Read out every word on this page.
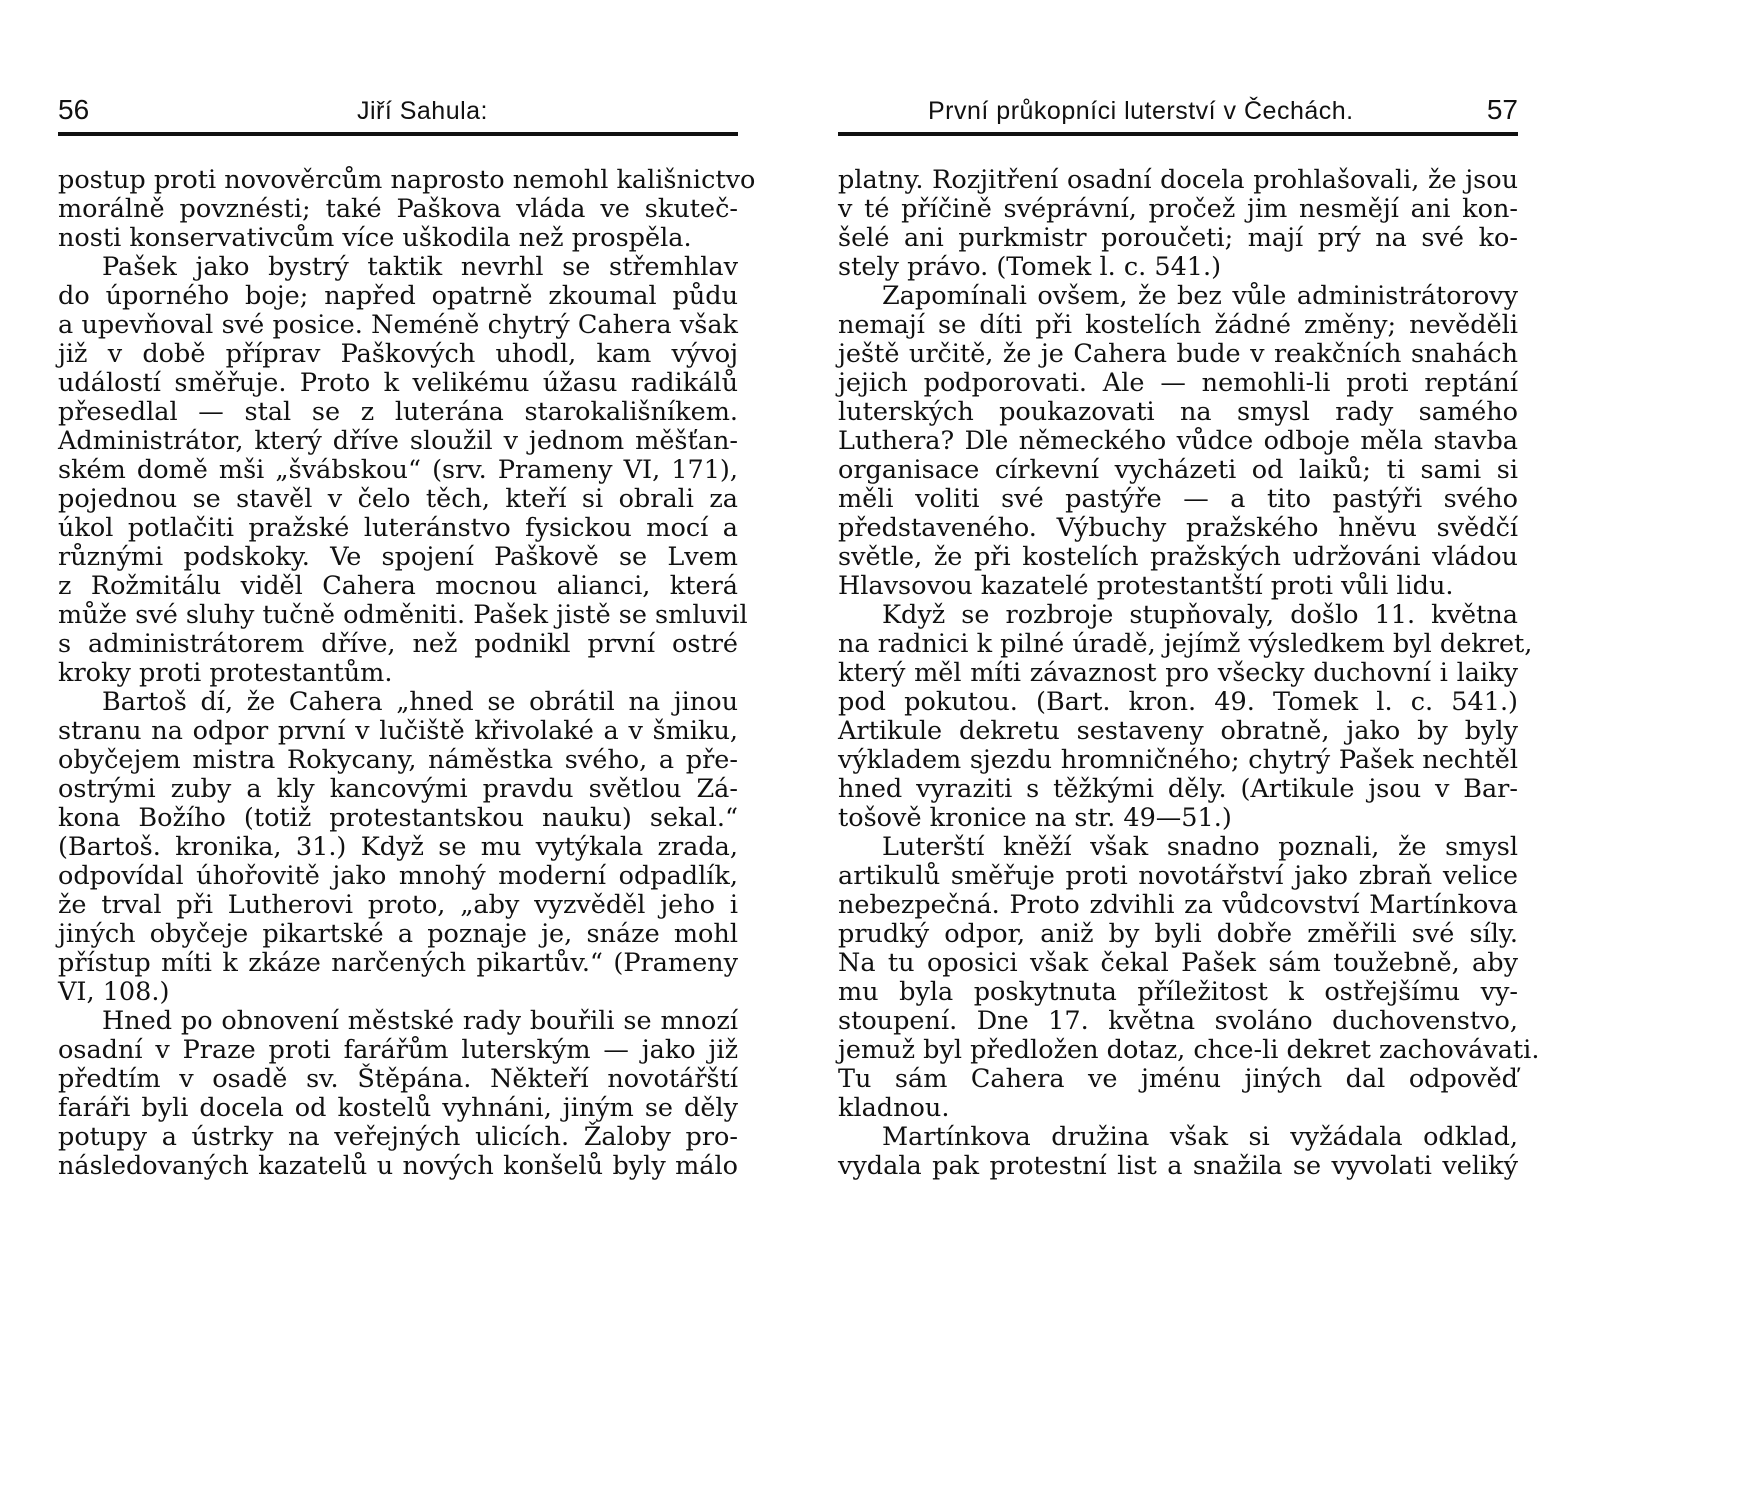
56	Jiří Sahula:
postup proti novověrcům naprosto nemohl kališnictvo
morálně povznésti; také Paškova vláda ve skuteč-
nosti konservativcům více uškodila než prospěla.
Pašek jako bystrý taktik nevrhl se střemhlav
do úporného boje; napřed opatrně zkoumal půdu
a upevňoval své posice. Neméně chytrý Cahera však
již v době příprav Paškových uhodl, kam vývoj
událostí směřuje. Proto k velikému úžasu radikálů
přesedlal — stal se z luterána starokališníkem.
Administrátor, který dříve sloužil v jednom měšťan-
ském domě mši „švábskou“ (srv. Prameny VI, 171),
pojednou se stavěl v čelo těch, kteří si obrali za
úkol potlačiti pražské luteránstvo fysickou mocí a
různými podskoky. Ve spojení Paškově se Lvem
z Rožmitálu viděl Cahera mocnou alianci, která
může své sluhy tučně odměniti. Pašek jistě se smluvil
s administrátorem dříve, než podnikl první ostré
kroky proti protestantům.
Bartoš dí, že Cahera „hned se obrátil na jinou
stranu na odpor první v lučiště křivolaké a v šmiku,
obyčejem mistra Rokycany, náměstka svého, a pře-
ostrými zuby a kly kancovými pravdu světlou Zá-
kona Božího (totiž protestantskou nauku) sekal.“
(Bartoš. kronika, 31.) Když se mu vytýkala zrada,
odpovídal úhořovitě jako mnohý moderní odpadlík,
že trval při Lutherovi proto, „aby vyzvěděl jeho i
jiných obyčeje pikartské a poznaje je, snáze mohl
přístup míti k zkáze narčených pikartův.“ (Prameny
VI, 108.)
Hned po obnovení městské rady bouřili se mnozí
osadní v Praze proti farářům luterským — jako již
předtím v osadě sv. Štěpána. Někteří novotářští
faráři byli docela od kostelů vyhnáni, jiným se děly
potupy a ústrky na veřejných ulicích. Žaloby pro-
následovaných kazatelů u nových konšelů byly málo
První průkopníci luterství v Čechách.	57
platny. Rozjitření osadní docela prohlašovali, že jsou
v té příčině svéprávní, pročež jim nesmějí ani kon-
šelé ani purkmistr poroučeti; mají prý na své ko-
stely právo. (Tomek l. c. 541.)
Zapomínali ovšem, že bez vůle administrátorovy
nemají se díti při kostelích žádné změny; nevěděli
ještě určitě, že je Cahera bude v reakčních snahách
jejich podporovati. Ale — nemohli-li proti reptání
luterských poukazovati na smysl rady samého
Luthera? Dle německého vůdce odboje měla stavba
organisace církevní vycházeti od laiků; ti sami si
měli voliti své pastýře — a tito pastýři svého
představeného. Výbuchy pražského hněvu svědčí
světle, že při kostelích pražských udržováni vládou
Hlavsovou kazatelé protestantští proti vůli lidu.
Když se rozbroje stupňovaly, došlo 11. května
na radnici k pilné úradě, jejímž výsledkem byl dekret,
který měl míti závaznost pro všecky duchovní i laiky
pod pokutou. (Bart. kron. 49. Tomek l. c. 541.)
Artikule dekretu sestaveny obratně, jako by byly
výkladem sjezdu hromničného; chytrý Pašek nechtěl
hned vyraziti s těžkými děly. (Artikule jsou v Bar-
tošově kronice na str. 49—51.)
Luterští kněží však snadno poznali, že smysl
artikulů směřuje proti novotářství jako zbraň velice
nebezpečná. Proto zdvihli za vůdcovství Martínkova
prudký odpor, aniž by byli dobře změřili své síly.
Na tu oposici však čekal Pašek sám toužebně, aby
mu byla poskytnuta příležitost k ostřejšímu vy-
stoupení. Dne 17. května svoláno duchovenstvo,
jemuž byl předložen dotaz, chce-li dekret zachovávati.
Tu sám Cahera ve jménu jiných dal odpověď
kladnou.
Martínkova družina však si vyžádala odklad,
vydala pak protestní list a snažila se vyvolati veliký
